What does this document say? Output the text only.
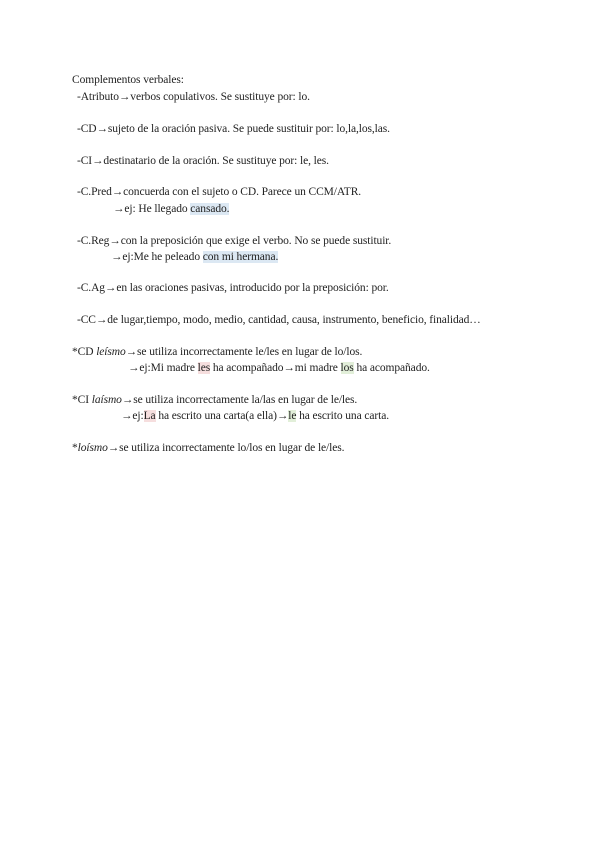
Complementos verbales:
-Atributo→verbos copulativos. Se sustituye por: lo.
-CD→sujeto de la oración pasiva. Se puede sustituir por: lo,la,los,las.
-CI→destinatario de la oración. Se sustituye por: le, les.
-C.Pred→concuerda con el sujeto o CD. Parece un CCM/ATR.
→ej: He llegado cansado.
-C.Reg→con la preposición que exige el verbo. No se puede sustituir.
→ej:Me he peleado con mi hermana.
-C.Ag→en las oraciones pasivas, introducido por la preposición: por.
-CC→de lugar,tiempo, modo, medio, cantidad, causa, instrumento, beneficio, finalidad…
*CD leísmo→se utiliza incorrectamente le/les en lugar de lo/los.
→ej:Mi madre les ha acompañado→mi madre los ha acompañado.
*CI laísmo→se utiliza incorrectamente la/las en lugar de le/les.
→ej:La ha escrito una carta(a ella)→le ha escrito una carta.
*loísmo→se utiliza incorrectamente lo/los en lugar de le/les.
